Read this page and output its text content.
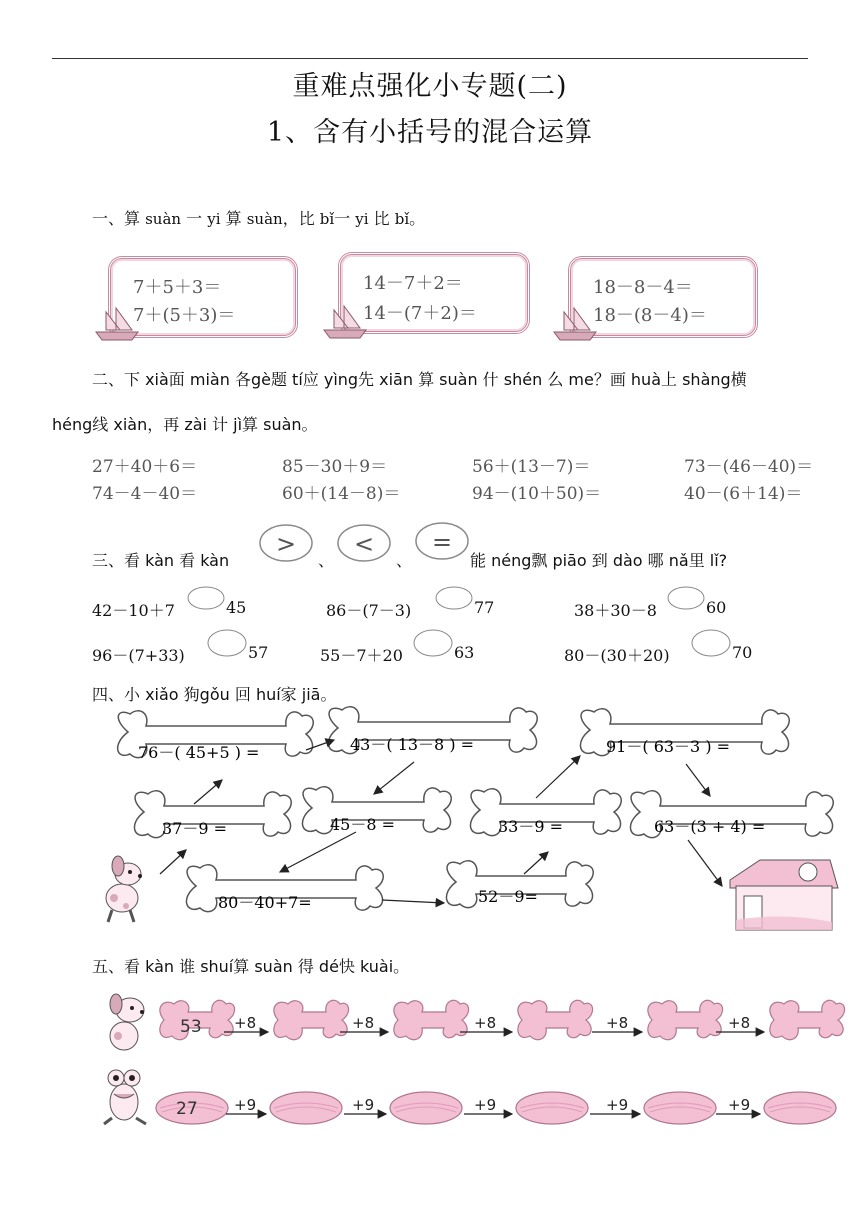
重难点强化小专题(二)
1、含有小括号的混合运算
一、算 suàn 一 yi 算 suàn，比 bǐ一 yi 比 bǐ。
7＋5＋3＝
7＋(5＋3)＝
14－7＋2＝
14－(7＋2)＝
18－8－4＝
18－(8－4)＝
二、下 xià面 miàn 各gè题 tí应 yìng先 xiān 算 suàn 什 shén 么 me？画 huà上 shàng横
héng线 xiàn，再 zài 计 jì算 suàn。
27＋40＋6＝	85－30＋9＝	56＋(13－7)＝	73－(46－40)＝
74－4－40＝	60＋(14－8)＝	94－(10＋50)＝	40－(6＋14)＝
三、看 kàn 看 kàn
>
、
<
、
=
能 néng飘 piāo 到 dào 哪 nǎ里 lǐ?
42－10＋7	45	86－(7－3)	77	38＋30－8	60
96－(7+33)	57	55－7＋20	63	80－(30＋20)	70
四、小 xiǎo 狗gǒu 回 huí家 jiā。
76－( 45+5 ) =	43－( 13－8 ) =	91－( 63－3 ) =
37－9 =	45－8 =	33－9 =	63－(3 + 4) =
80－40+7=	52－9=
五、看 kàn 谁 shuí算 suàn 得 dé快 kuài。
53 +8	+8	+8	+8	+8
27 +9	+9	+9	+9	+9
